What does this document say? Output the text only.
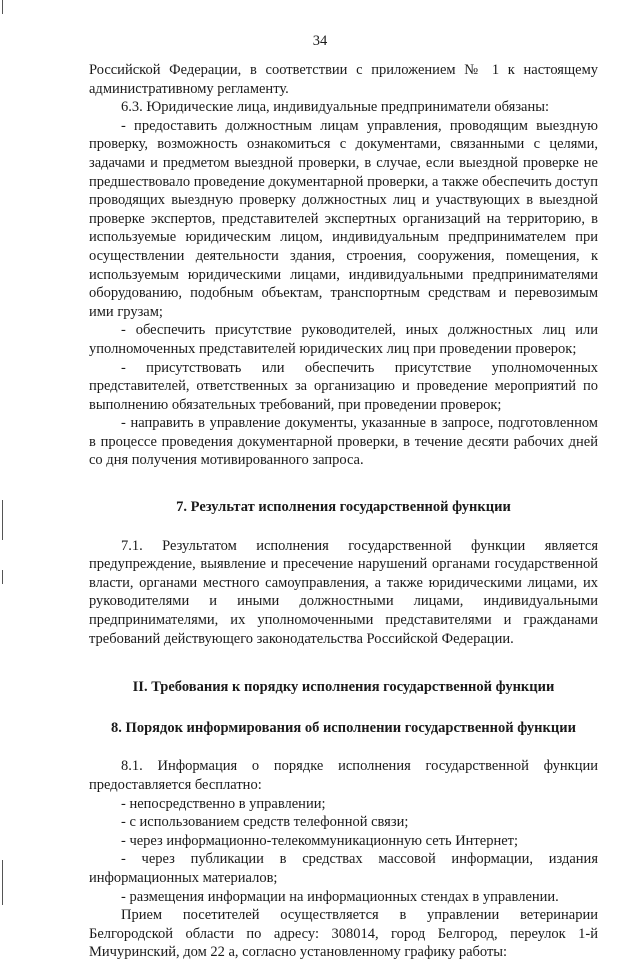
34

Российской Федерации, в соответствии с приложением № 1 к настоящему административному регламенту.

6.3. Юридические лица, индивидуальные предприниматели обязаны:

- предоставить должностным лицам управления, проводящим выездную проверку, возможность ознакомиться с документами, связанными с целями, задачами и предметом выездной проверки, в случае, если выездной проверке не предшествовало проведение документарной проверки, а также обеспечить доступ проводящих выездную проверку должностных лиц и участвующих в выездной проверке экспертов, представителей экспертных организаций на территорию, в используемые юридическим лицом, индивидуальным предпринимателем при осуществлении деятельности здания, строения, сооружения, помещения, к используемым юридическими лицами, индивидуальными предпринимателями оборудованию, подобным объектам, транспортным средствам и перевозимым ими грузам;

- обеспечить присутствие руководителей, иных должностных лиц или уполномоченных представителей юридических лиц при проведении проверок;

- присутствовать или обеспечить присутствие уполномоченных представителей, ответственных за организацию и проведение мероприятий по выполнению обязательных требований, при проведении проверок;

- направить в управление документы, указанные в запросе, подготовленном в процессе проведения документарной проверки, в течение десяти рабочих дней со дня получения мотивированного запроса.

7. Результат исполнения государственной функции

7.1. Результатом исполнения государственной функции является предупреждение, выявление и пресечение нарушений органами государственной власти, органами местного самоуправления, а также юридическими лицами, их руководителями и иными должностными лицами, индивидуальными предпринимателями, их уполномоченными представителями и гражданами требований действующего законодательства Российской Федерации.

II. Требования к порядку исполнения государственной функции

8. Порядок информирования об исполнении государственной функции

8.1. Информация о порядке исполнения государственной функции предоставляется бесплатно:

- непосредственно в управлении;

- с использованием средств телефонной связи;

- через информационно-телекоммуникационную сеть Интернет;

- через публикации в средствах массовой информации, издания информационных материалов;

- размещения информации на информационных стендах в управлении.

Прием посетителей осуществляется в управлении ветеринарии Белгородской области по адресу: 308014, город Белгород, переулок 1-й Мичуринский, дом 22 а, согласно установленному графику работы:
